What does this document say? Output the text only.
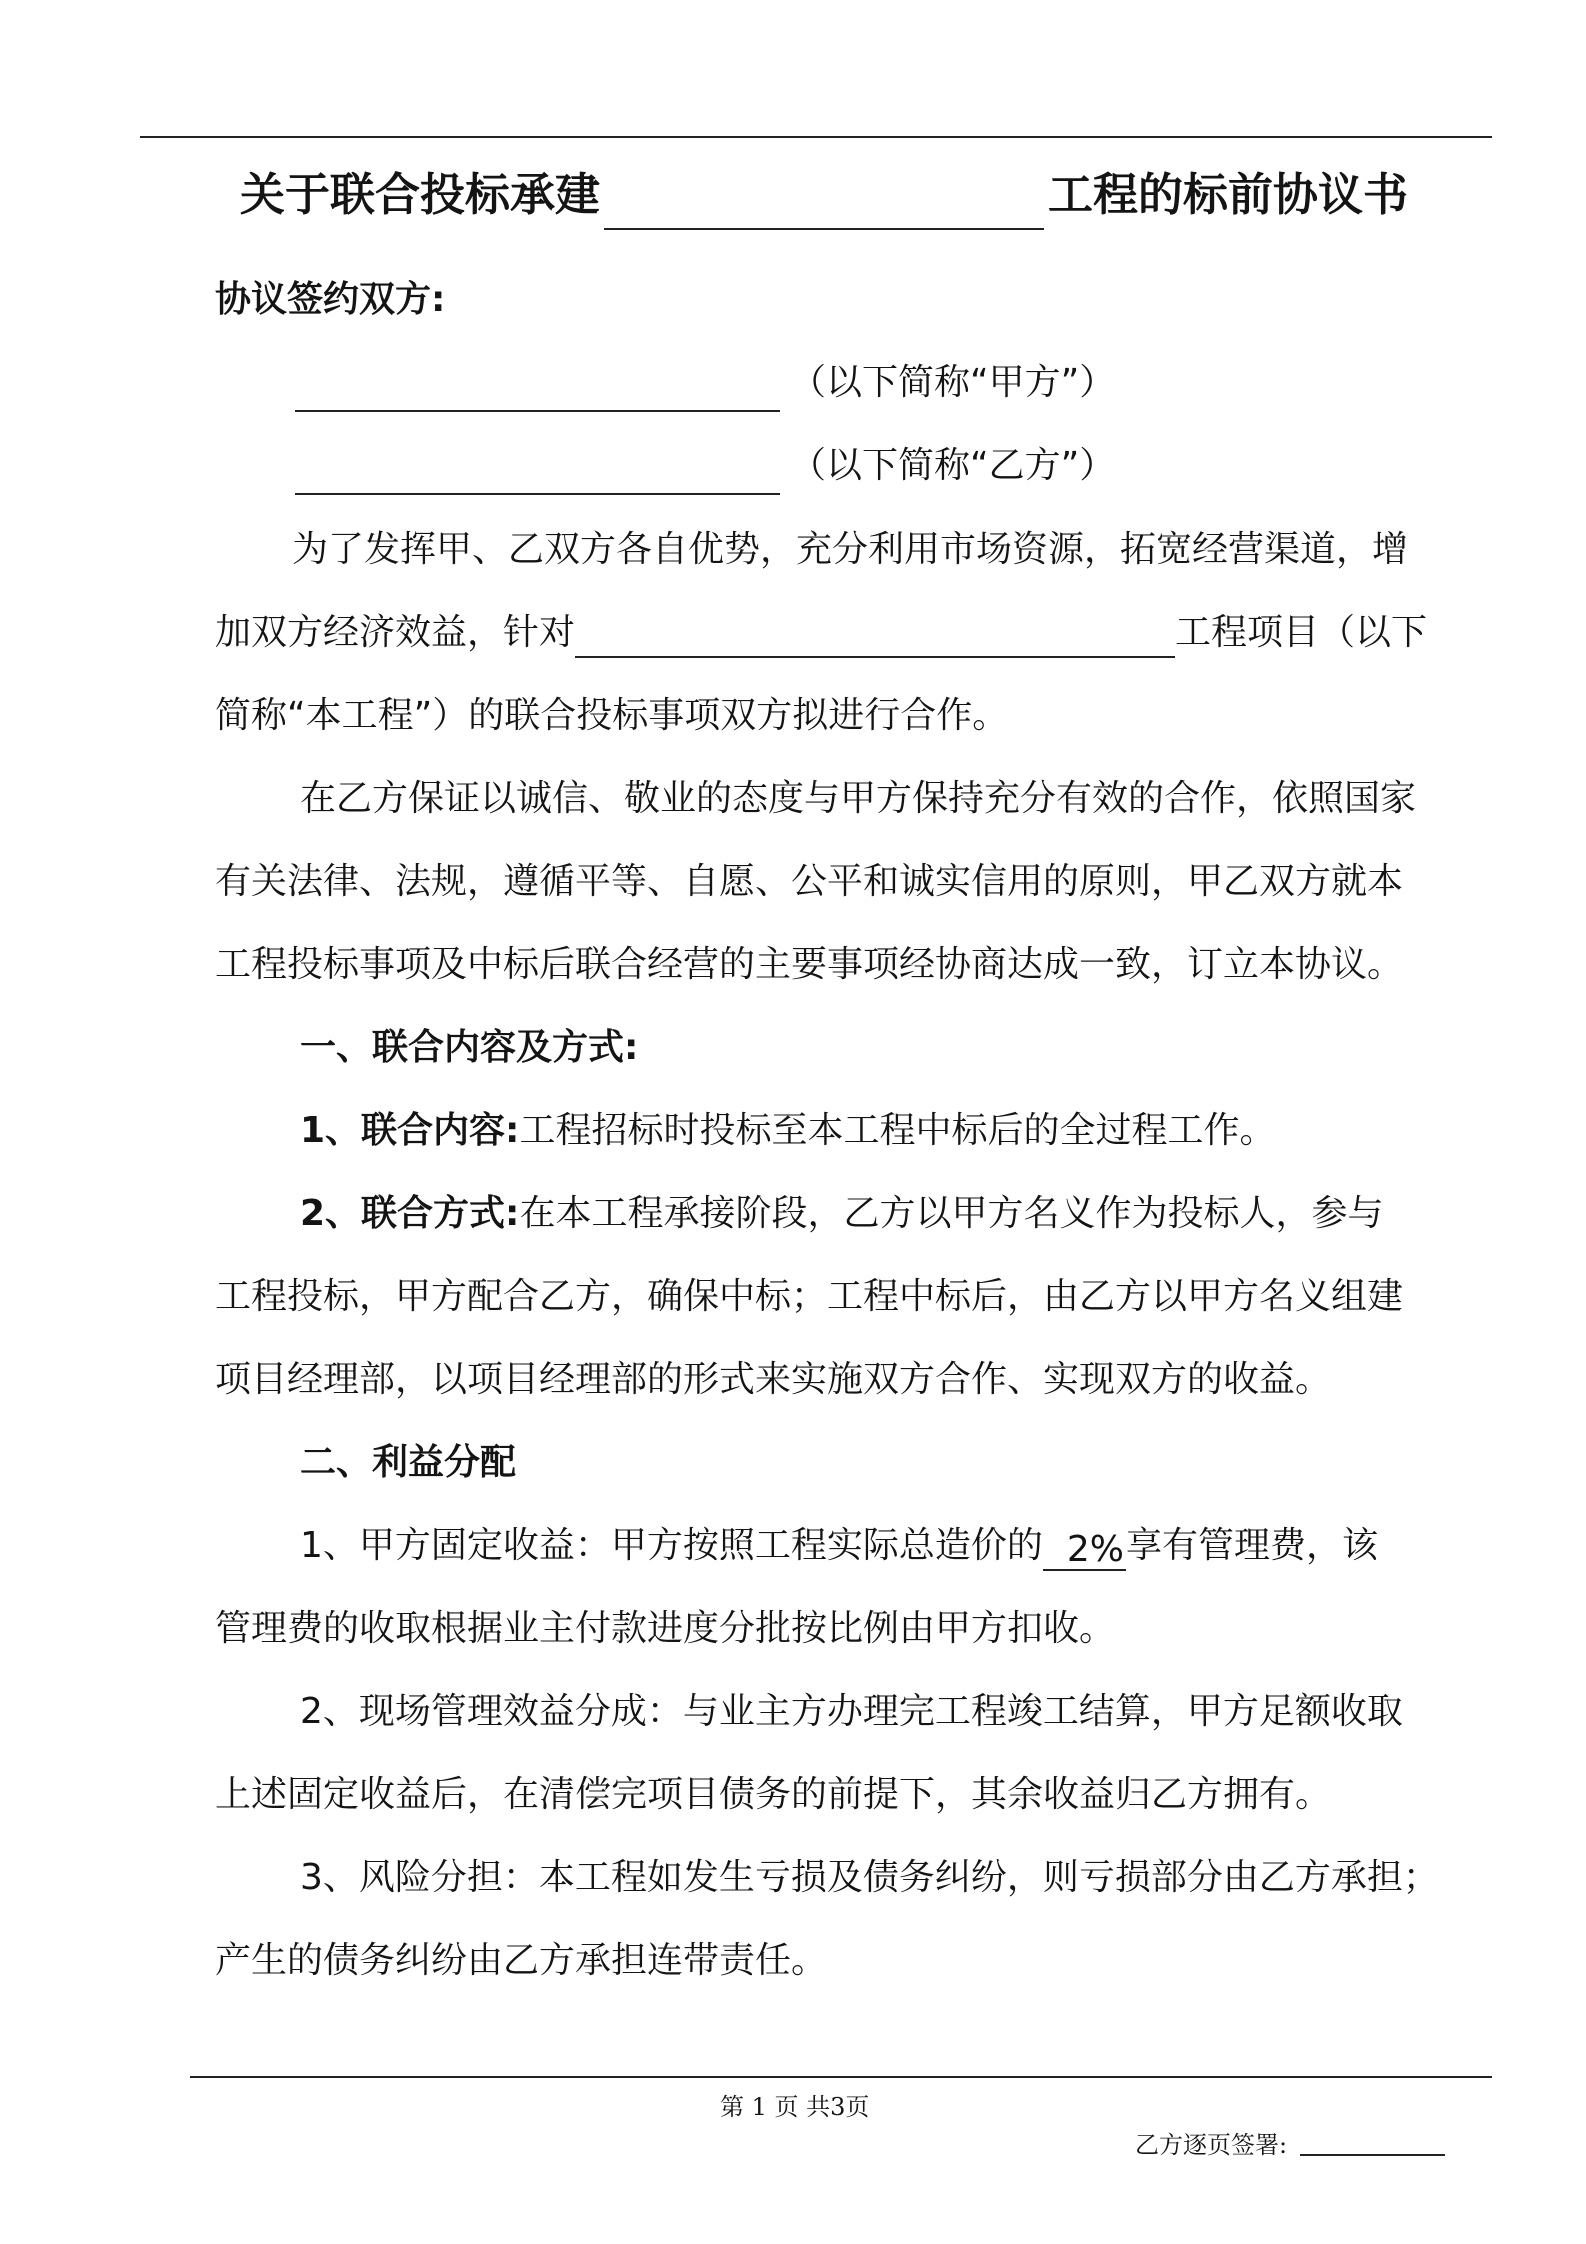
关于联合投标承建	工程的标前协议书
协议签约双方:
（以下简称“甲方”）
（以下简称“乙方”）
为了发挥甲、乙双方各自优势，充分利用市场资源，拓宽经营渠道，增
加双方经济效益，针对	工程项目（以下
简称“本工程”）的联合投标事项双方拟进行合作。
在乙方保证以诚信、敬业的态度与甲方保持充分有效的合作，依照国家
有关法律、法规，遵循平等、自愿、公平和诚实信用的原则，甲乙双方就本
工程投标事项及中标后联合经营的主要事项经协商达成一致，订立本协议。
一、联合内容及方式:
1、联合内容:工程招标时投标至本工程中标后的全过程工作。
2、联合方式:在本工程承接阶段，乙方以甲方名义作为投标人，参与
工程投标，甲方配合乙方，确保中标；工程中标后，由乙方以甲方名义组建
项目经理部，以项目经理部的形式来实施双方合作、实现双方的收益。
二、利益分配
1、甲方固定收益：甲方按照工程实际总造价的 2%享有管理费，该
管理费的收取根据业主付款进度分批按比例由甲方扣收。
2、现场管理效益分成：与业主方办理完工程竣工结算，甲方足额收取
上述固定收益后，在清偿完项目债务的前提下，其余收益归乙方拥有。
3、风险分担：本工程如发生亏损及债务纠纷，则亏损部分由乙方承担；
产生的债务纠纷由乙方承担连带责任。
第 1 页 共3页
乙方逐页签署:
